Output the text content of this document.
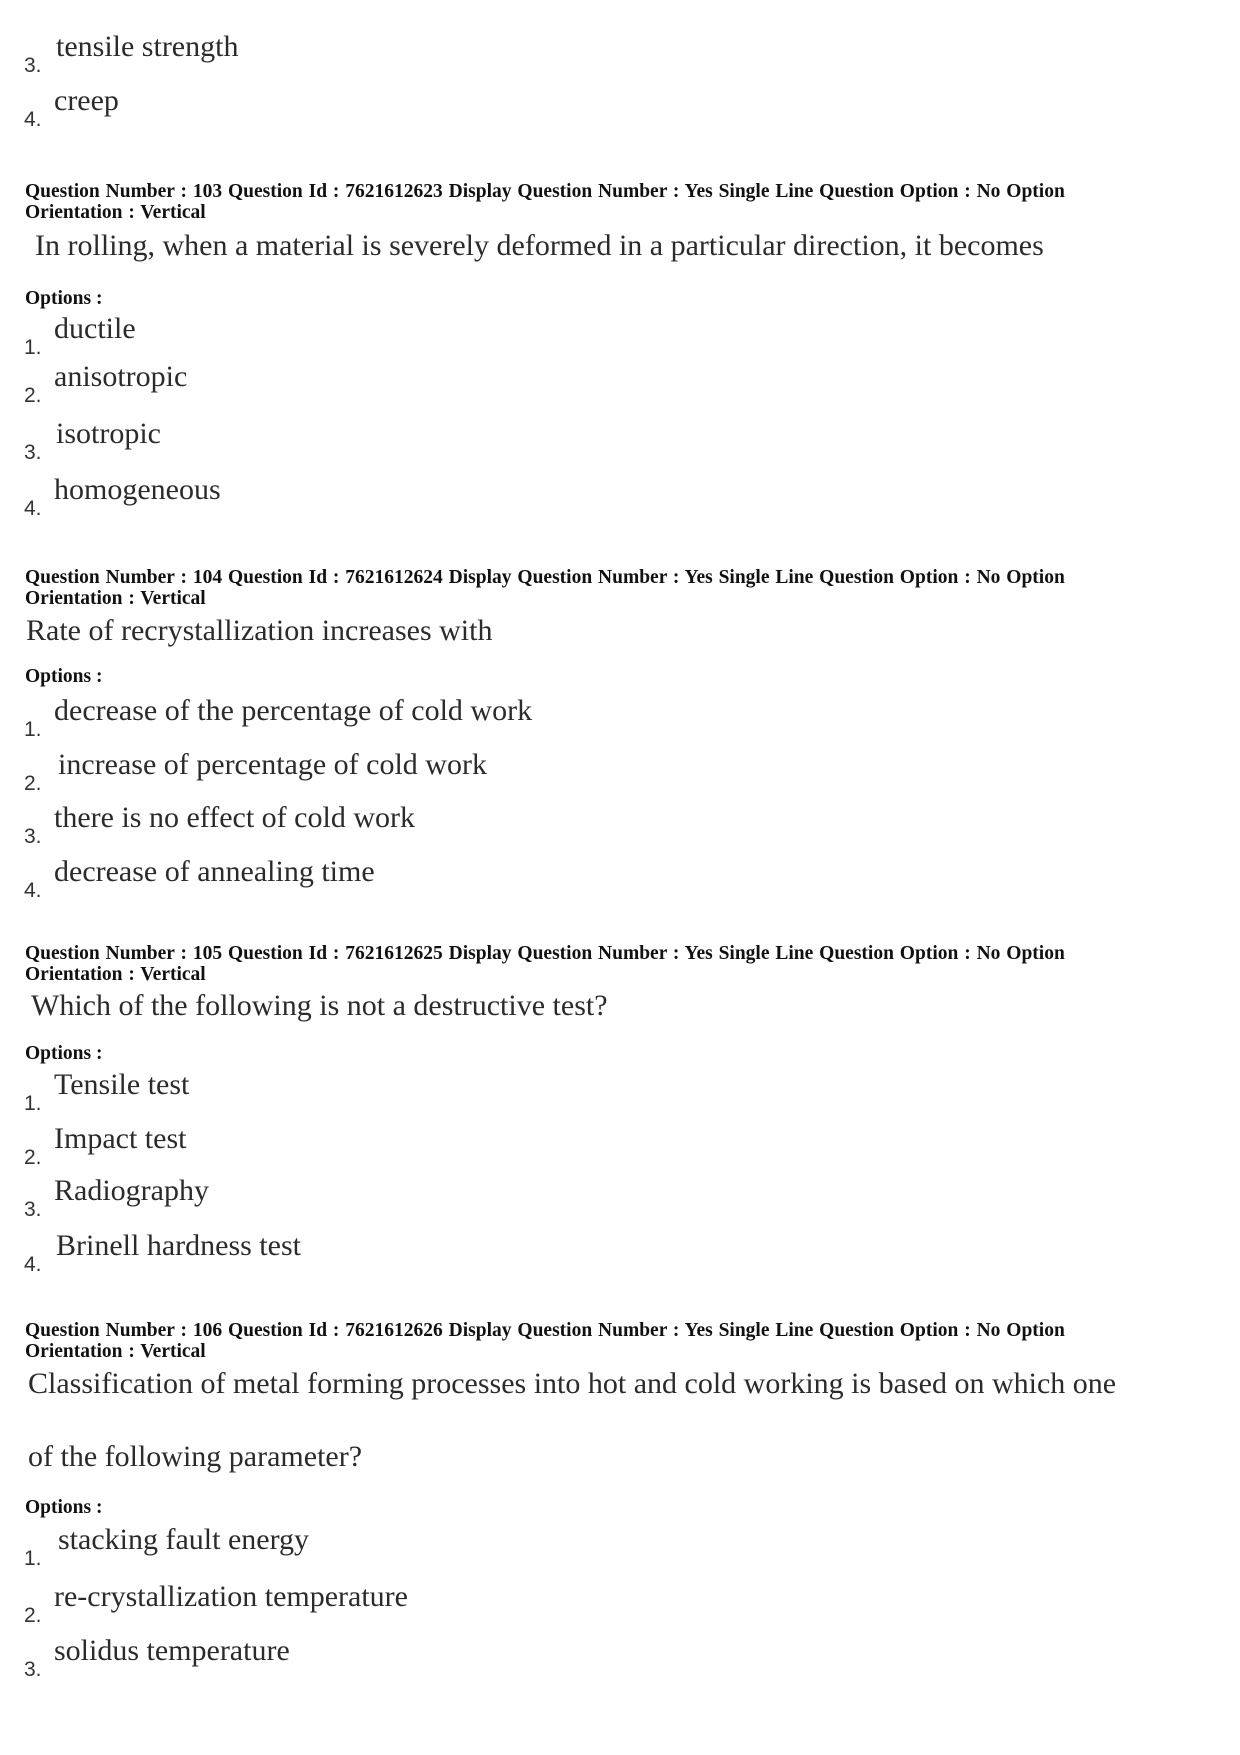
3.
tensile strength
4.
creep
Question Number : 103 Question Id : 7621612623 Display Question Number : Yes Single Line Question Option : No Option Orientation : Vertical
In rolling, when a material is severely deformed in a particular direction, it becomes
Options :
1.
ductile
2.
anisotropic
3.
isotropic
4.
homogeneous
Question Number : 104 Question Id : 7621612624 Display Question Number : Yes Single Line Question Option : No Option Orientation : Vertical
Rate of recrystallization increases with
Options :
1.
decrease of the percentage of cold work
2.
increase of percentage of cold work
3.
there is no effect of cold work
4.
decrease of annealing time
Question Number : 105 Question Id : 7621612625 Display Question Number : Yes Single Line Question Option : No Option Orientation : Vertical
Which of the following is not a destructive test?
Options :
1.
Tensile test
2.
Impact test
3.
Radiography
4.
Brinell hardness test
Question Number : 106 Question Id : 7621612626 Display Question Number : Yes Single Line Question Option : No Option Orientation : Vertical
Classification of metal forming processes into hot and cold working is based on which one
of the following parameter?
Options :
1.
stacking fault energy
2.
re-crystallization temperature
3.
solidus temperature
